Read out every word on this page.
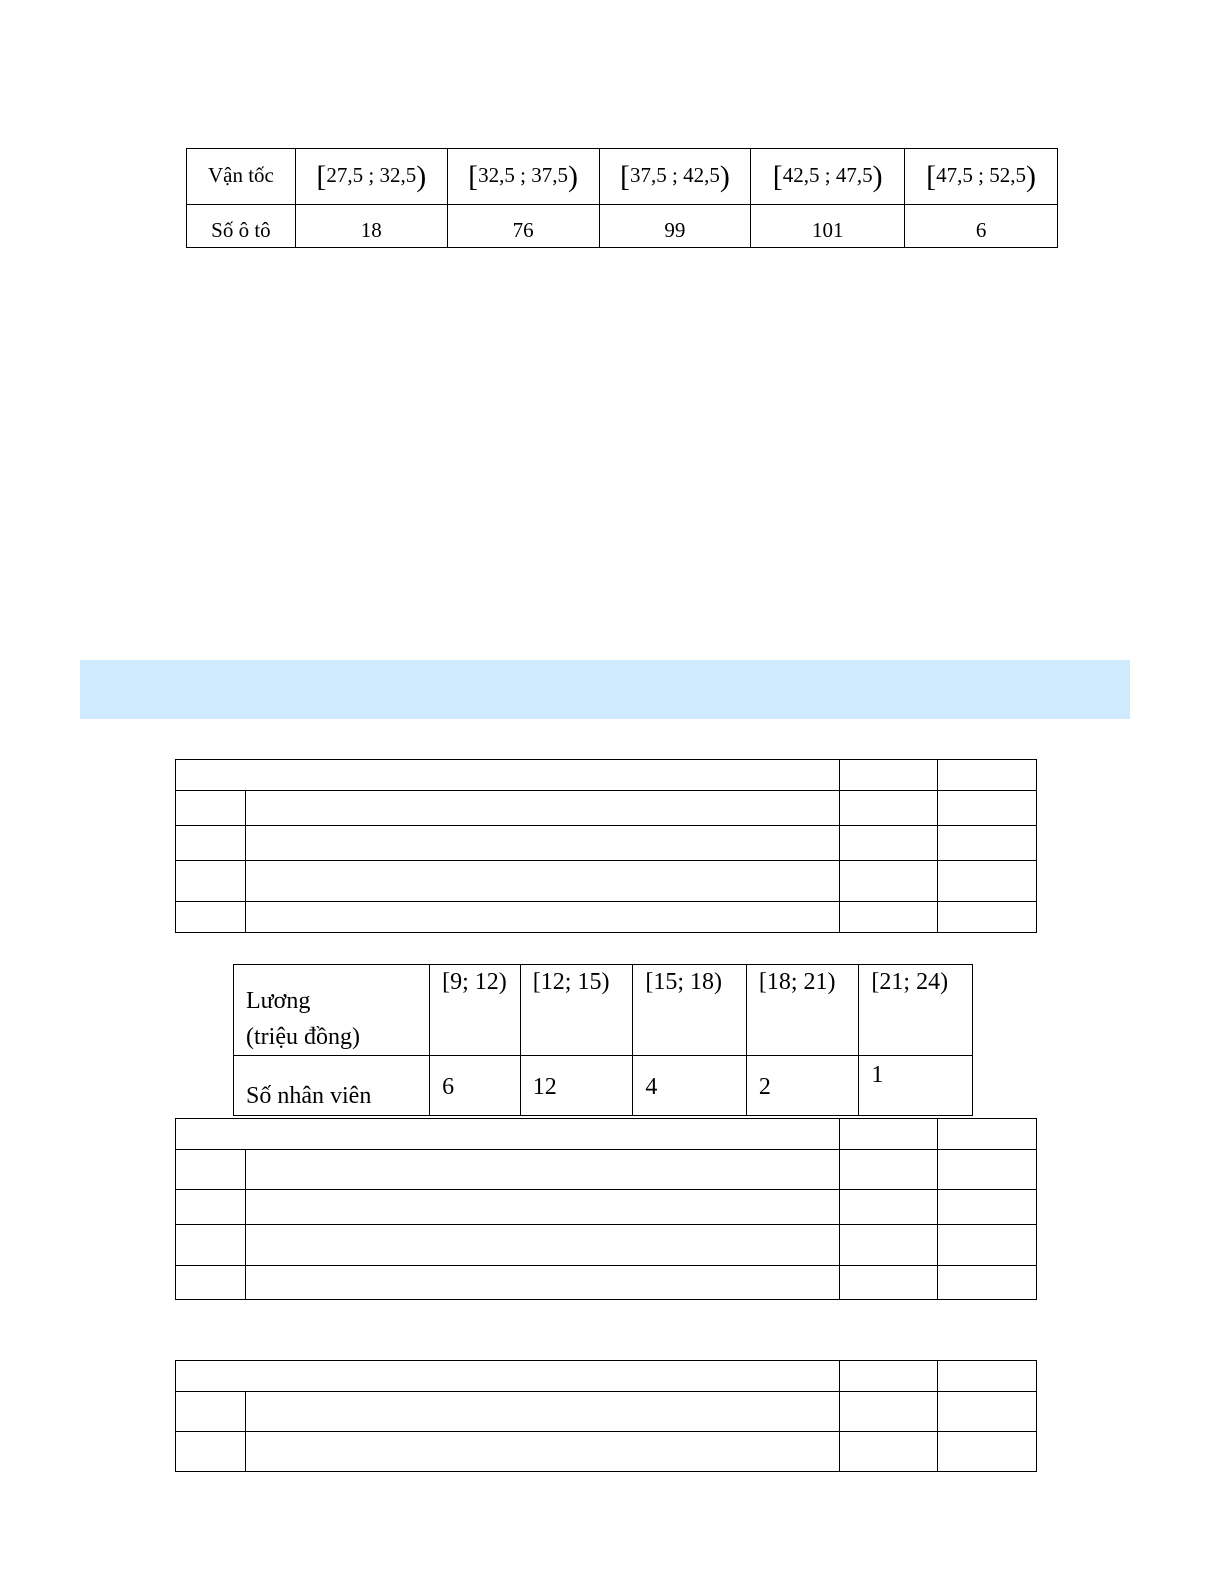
Vận tốc	[27,5 ; 32,5)	[32,5 ; 37,5)	[37,5 ; 42,5)	[42,5 ; 47,5)	[47,5 ; 52,5)
Số ô tô	18	76	99	101	6

Lương
(triệu đồng)	[9; 12)	[12; 15)	[15; 18)	[18; 21)	[21; 24)
Số nhân viên	6	12	4	2	1
